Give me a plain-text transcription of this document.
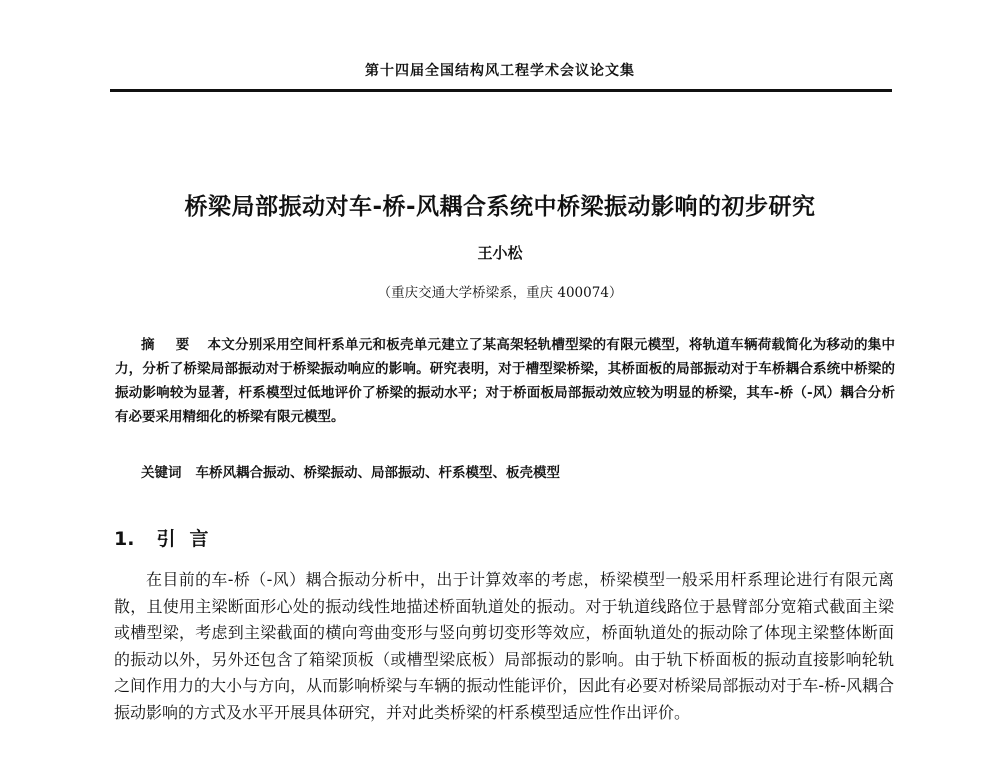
第十四届全国结构风工程学术会议论文集
桥梁局部振动对车-桥-风耦合系统中桥梁振动影响的初步研究
王小松
（重庆交通大学桥梁系，重庆 400074）
摘 要 本文分别采用空间杆系单元和板壳单元建立了某高架轻轨槽型梁的有限元模型，将轨道车辆荷载简化为移动的集中力，分析了桥梁局部振动对于桥梁振动响应的影响。研究表明，对于槽型梁桥梁，其桥面板的局部振动对于车桥耦合系统中桥梁的振动影响较为显著，杆系模型过低地评价了桥梁的振动水平；对于桥面板局部振动效应较为明显的桥梁，其车-桥（-风）耦合分析有必要采用精细化的桥梁有限元模型。
关键词 车桥风耦合振动、桥梁振动、局部振动、杆系模型、板壳模型
1. 引言
在目前的车-桥（-风）耦合振动分析中，出于计算效率的考虑，桥梁模型一般采用杆系理论进行有限元离散，且使用主梁断面形心处的振动线性地描述桥面轨道处的振动。对于轨道线路位于悬臂部分宽箱式截面主梁或槽型梁，考虑到主梁截面的横向弯曲变形与竖向剪切变形等效应，桥面轨道处的振动除了体现主梁整体断面的振动以外，另外还包含了箱梁顶板（或槽型梁底板）局部振动的影响。由于轨下桥面板的振动直接影响轮轨之间作用力的大小与方向，从而影响桥梁与车辆的振动性能评价，因此有必要对桥梁局部振动对于车-桥-风耦合振动影响的方式及水平开展具体研究，并对此类桥梁的杆系模型适应性作出评价。
